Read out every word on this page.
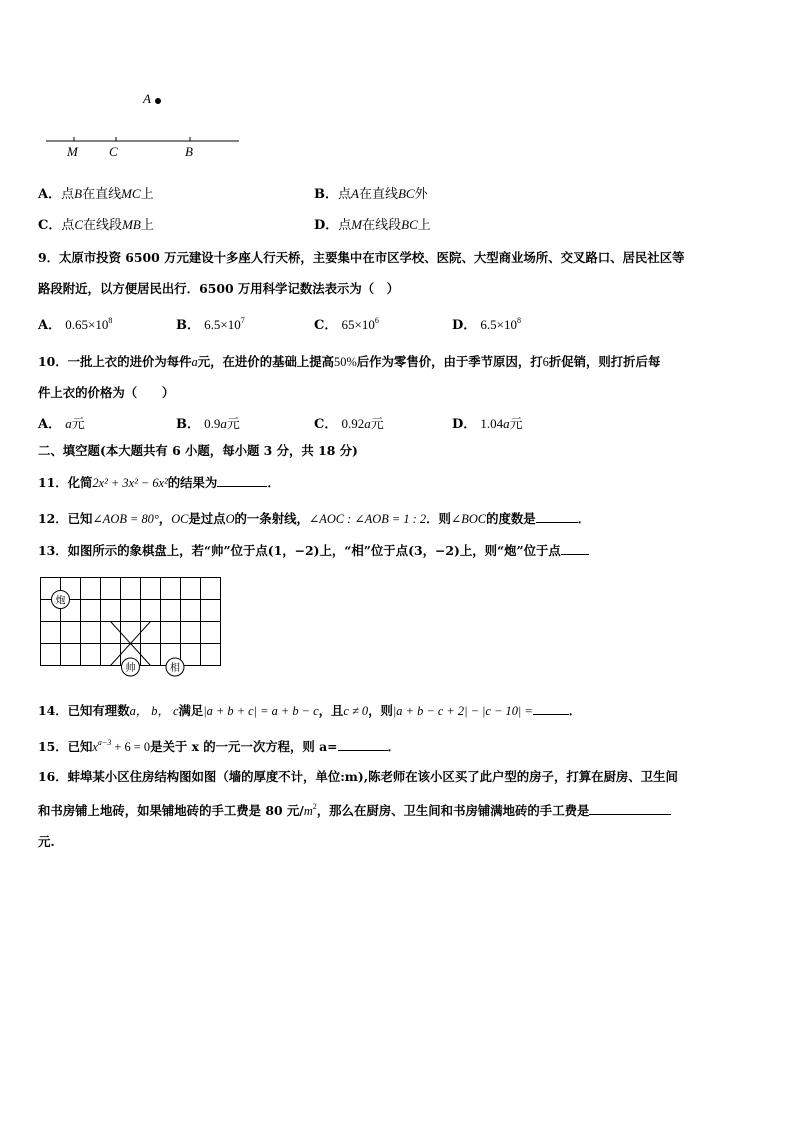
A
M C	B
A．点B在直线MC上	B．点A在直线BC外
C．点C在线段MB上	D．点M在线段BC上
9．太原市投资 6500 万元建设十多座人行天桥，主要集中在市区学校、医院、大型商业场所、交叉路口、居民社区等
路段附近，以方便居民出行．6500 万用科学记数法表示为（　）
A． $0.65\times 10^8$	B． $6.5\times 10^7$	C． $65\times 10^6$	D． $6.5\times 10^8$
10．一批上衣的进价为每件a元，在进价的基础上提高50%后作为零售价，由于季节原因，打6折促销，则打折后每
件上衣的价格为（　　）
A． a元	B． 0.9a元	C． 0.92a元	D． 1.04a元
二、填空题(本大题共有 6 小题，每小题 3 分，共 18 分)
11．化简2x² + 3x² − 6x²的结果为	．
12．已知∠AOB = 80°，OC是过点O的一条射线，∠AOC : ∠AOB = 1 : 2．则∠BOC的度数是	．
13．如图所示的象棋盘上，若“帅”位于点(1，−2)上，“相”位于点(3，−2)上，则“炮”位于点
炮
帅	相
14．已知有理数a， b， c满足|a + b + c| = a + b − c，且c ≠ 0，则|a + b − c + 2| − |c − 10| =	．
15．已知$x^{a-3} + 6 = 0$是关于 x 的一元一次方程，则 a=	．
16．蚌埠某小区住房结构图如图（墙的厚度不计，单位:m),陈老师在该小区买了此户型的房子，打算在厨房、卫生间
和书房铺上地砖，如果铺地砖的手工费是 80 元$/m^2$，那么在厨房、卫生间和书房铺满地砖的手工费是
元.
